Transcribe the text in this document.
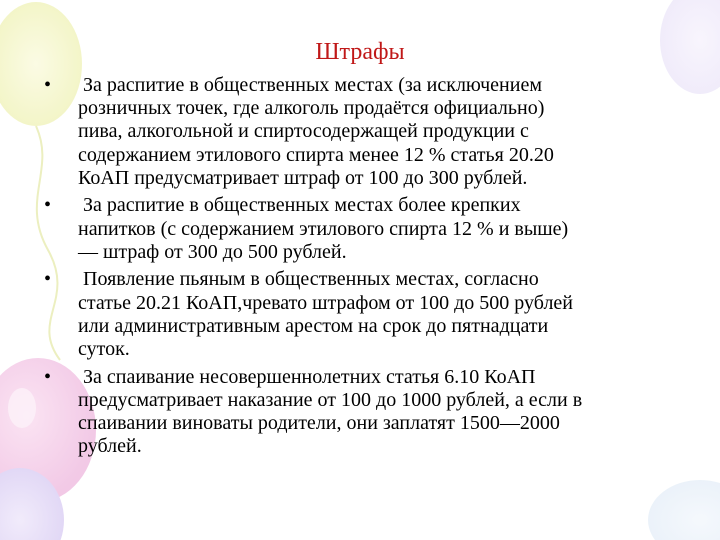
Штрафы
•	За распитие в общественных местах (за исключением
розничных точек, где алкоголь продаётся официально)
пива, алкогольной и спиртосодержащей продукции с
содержанием этилового спирта менее 12 % статья 20.20
КоАП предусматривает штраф от 100 до 300 рублей.
•	За распитие в общественных местах более крепких
напитков (с содержанием этилового спирта 12 % и выше)
— штраф от 300 до 500 рублей.
•	Появление пьяным в общественных местах, согласно
статье 20.21 КоАП,чревато штрафом от 100 до 500 рублей
или административным арестом на срок до пятнадцати
суток.
•	За спаивание несовершеннолетних статья 6.10 КоАП
предусматривает наказание от 100 до 1000 рублей, а если в
спаивании виноваты родители, они заплатят 1500—2000
рублей.
